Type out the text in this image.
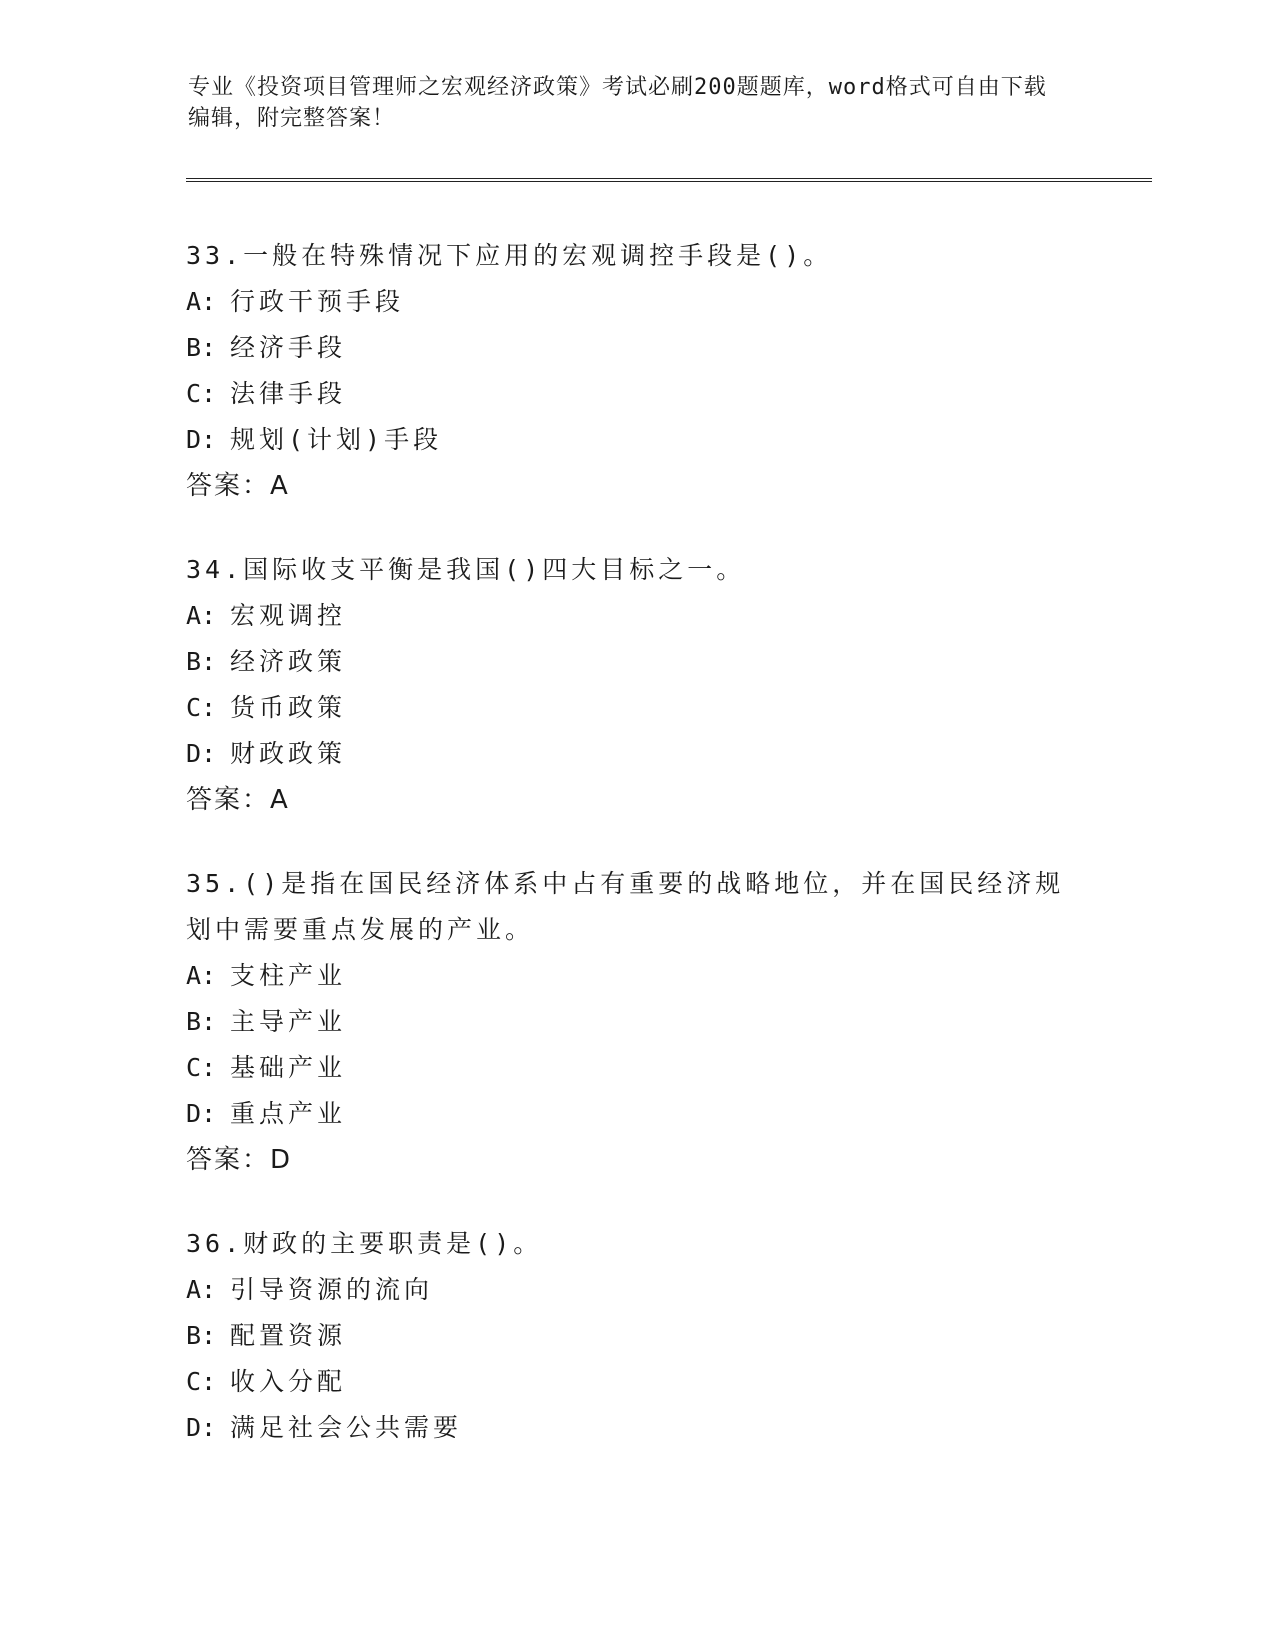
专业《投资项目管理师之宏观经济政策》考试必刷200题题库，word格式可自由下载编辑，附完整答案！
33.一般在特殊情况下应用的宏观调控手段是()。
A: 行政干预手段
B: 经济手段
C: 法律手段
D: 规划(计划)手段
答案：A
34.国际收支平衡是我国()四大目标之一。
A: 宏观调控
B: 经济政策
C: 货币政策
D: 财政政策
答案：A
35.()是指在国民经济体系中占有重要的战略地位，并在国民经济规划中需要重点发展的产业。
A: 支柱产业
B: 主导产业
C: 基础产业
D: 重点产业
答案：D
36.财政的主要职责是()。
A: 引导资源的流向
B: 配置资源
C: 收入分配
D: 满足社会公共需要
